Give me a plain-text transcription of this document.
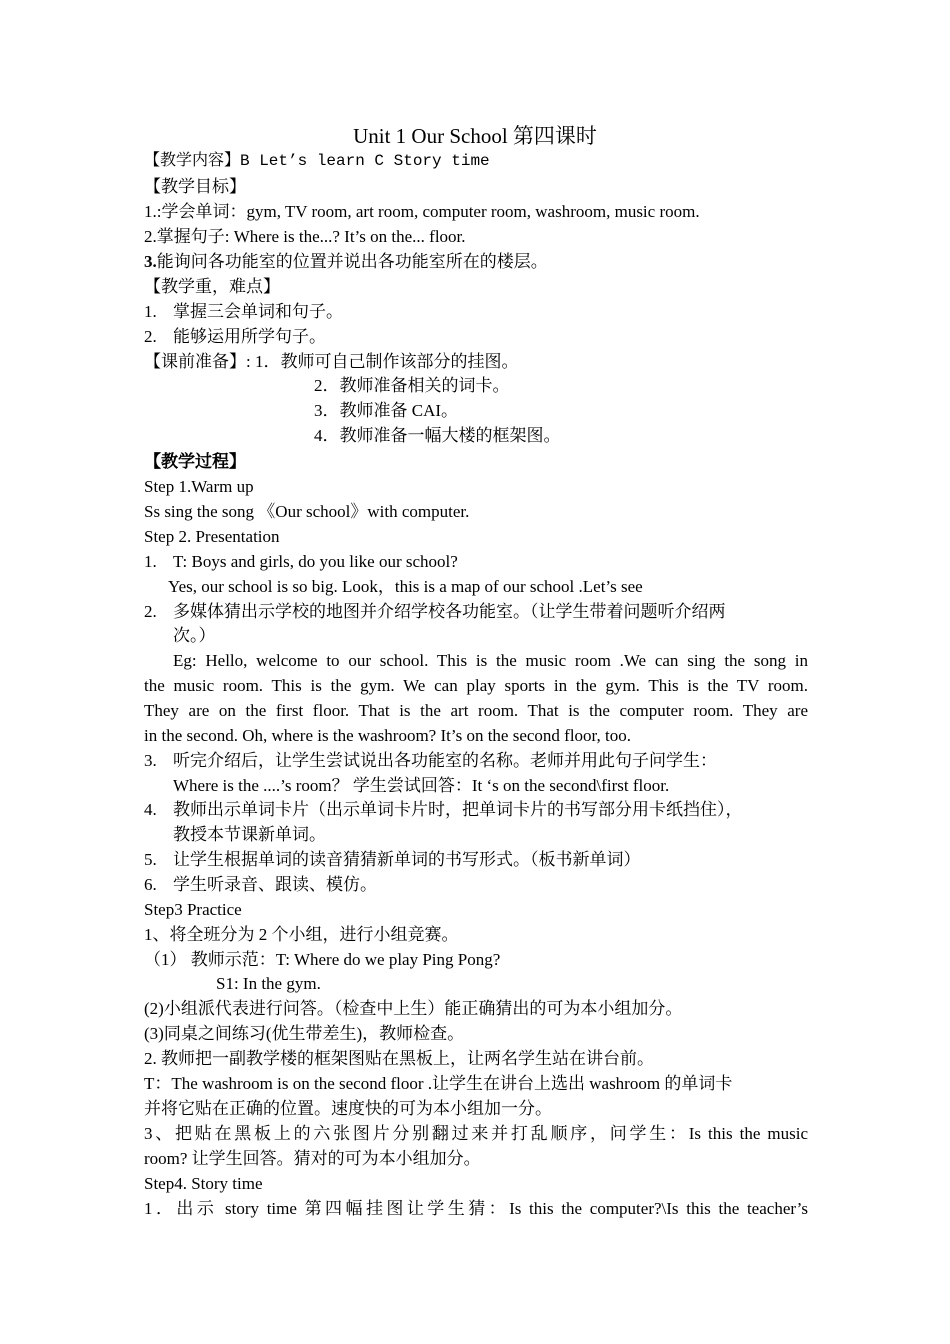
Unit 1 Our School 第四课时
【教学内容】B Let’s learn C Story time
【教学目标】
1.:学会单词：gym, TV room, art room, computer room, washroom, music room.
2.掌握句子: Where is the...? It’s on the... floor.
3.能询问各功能室的位置并说出各功能室所在的楼层。
【教学重，难点】
1. 掌握三会单词和句子。
2. 能够运用所学句子。
【课前准备】: 1．教师可自己制作该部分的挂图。
2．教师准备相关的词卡。
3．教师准备 CAI。
4．教师准备一幅大楼的框架图。
【教学过程】
Step 1.Warm up
Ss sing the song 《Our school》with computer.
Step 2. Presentation
1. T: Boys and girls, do you like our school?
Yes, our school is so big. Look，this is a map of our school .Let’s see
2. 多媒体猜出示学校的地图并介绍学校各功能室。（让学生带着问题听介绍两
次。）
Eg: Hello, welcome to our school. This is the music room .We can sing the song in
the music room. This is the gym. We can play sports in the gym. This is the TV room.
They are on the first floor. That is the art room. That is the computer room. They are
in the second. Oh, where is the washroom? It’s on the second floor, too.
3. 听完介绍后，让学生尝试说出各功能室的名称。老师并用此句子问学生：
Where is the ....’s room？ 学生尝试回答：It ‘s on the second\first floor.
4. 教师出示单词卡片（出示单词卡片时，把单词卡片的书写部分用卡纸挡住），
教授本节课新单词。
5. 让学生根据单词的读音猜猜新单词的书写形式。（板书新单词）
6. 学生听录音、跟读、模仿。
Step3 Practice
1、将全班分为 2 个小组，进行小组竞赛。
（1） 教师示范：T: Where do we play Ping Pong?
S1: In the gym.
(2)小组派代表进行问答。（检查中上生）能正确猜出的可为本小组加分。
(3)同桌之间练习(优生带差生)，教师检查。
2. 教师把一副教学楼的框架图贴在黑板上，让两名学生站在讲台前。
T：The washroom is on the second floor .让学生在讲台上选出 washroom 的单词卡
并将它贴在正确的位置。速度快的可为本小组加一分。
3、把贴在黑板上的六张图片分别翻过来并打乱顺序，问学生：Is this the music
room? 让学生回答。猜对的可为本小组加分。
Step4. Story time
1．出示 story time 第四幅挂图让学生猜：Is this the computer?\Is this the teacher’s
